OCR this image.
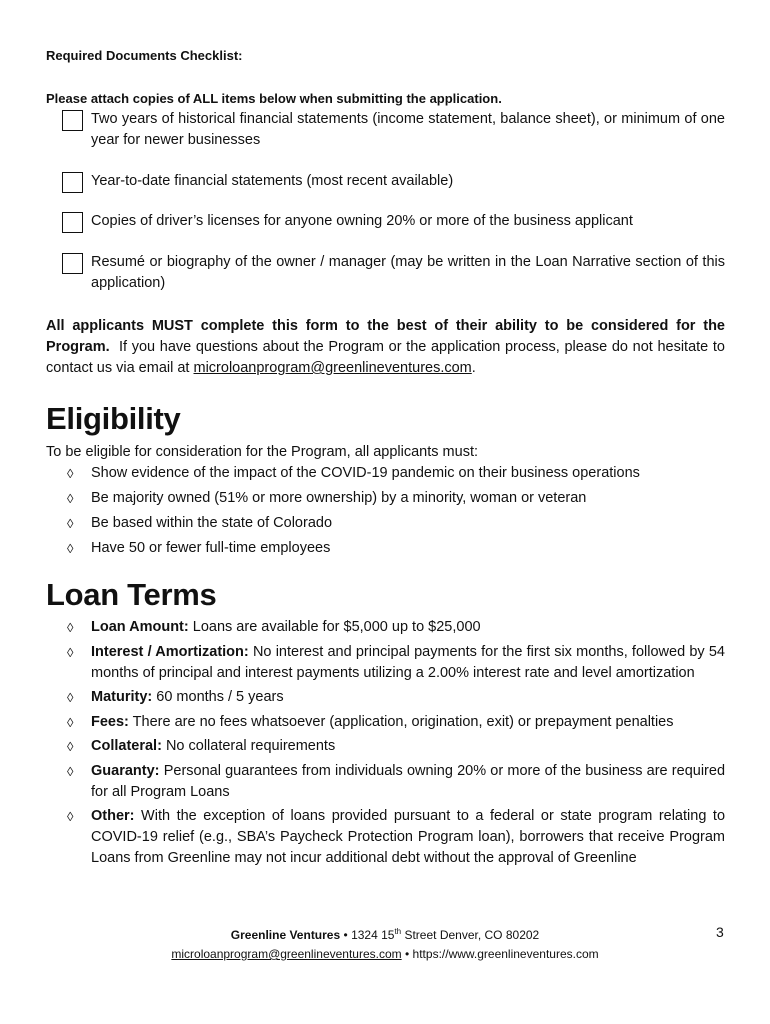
Required Documents Checklist:
Please attach copies of ALL items below when submitting the application.
Two years of historical financial statements (income statement, balance sheet), or minimum of one year for newer businesses
Year-to-date financial statements (most recent available)
Copies of driver’s licenses for anyone owning 20% or more of the business applicant
Resumé or biography of the owner / manager (may be written in the Loan Narrative section of this application)
All applicants MUST complete this form to the best of their ability to be considered for the Program. If you have questions about the Program or the application process, please do not hesitate to contact us via email at microloanprogram@greenlineventures.com.
Eligibility
To be eligible for consideration for the Program, all applicants must:
◊ Show evidence of the impact of the COVID-19 pandemic on their business operations
◊ Be majority owned (51% or more ownership) by a minority, woman or veteran
◊ Be based within the state of Colorado
◊ Have 50 or fewer full-time employees
Loan Terms
◊ Loan Amount: Loans are available for $5,000 up to $25,000
◊ Interest / Amortization: No interest and principal payments for the first six months, followed by 54 months of principal and interest payments utilizing a 2.00% interest rate and level amortization
◊ Maturity: 60 months / 5 years
◊ Fees: There are no fees whatsoever (application, origination, exit) or prepayment penalties
◊ Collateral: No collateral requirements
◊ Guaranty: Personal guarantees from individuals owning 20% or more of the business are required for all Program Loans
◊ Other: With the exception of loans provided pursuant to a federal or state program relating to COVID-19 relief (e.g., SBA’s Paycheck Protection Program loan), borrowers that receive Program Loans from Greenline may not incur additional debt without the approval of Greenline
Greenline Ventures • 1324 15th Street Denver, CO 80202
microloanprogram@greenlineventures.com • https://www.greenlineventures.com
3
